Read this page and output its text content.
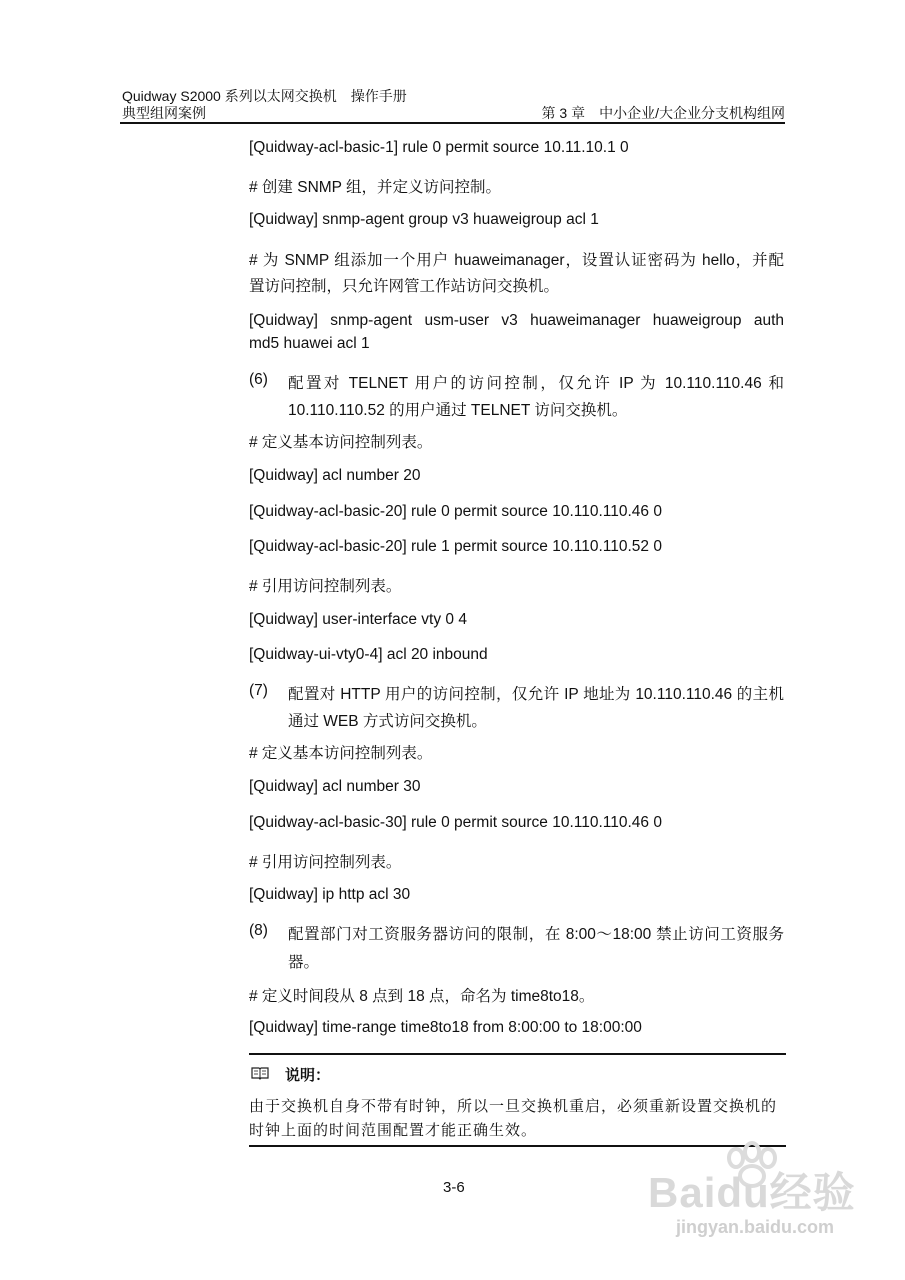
Quidway S2000 系列以太网交换机　操作手册
典型组网案例	第 3 章　中小企业/大企业分支机构组网
[Quidway-acl-basic-1] rule 0 permit source 10.11.10.1 0
# 创建 SNMP 组，并定义访问控制。
[Quidway] snmp-agent group v3 huaweigroup acl 1
# 为 SNMP 组添加一个用户 huaweimanager，设置认证密码为 hello，并配
置访问控制，只允许网管工作站访问交换机。
[Quidway] snmp-agent usm-user v3 huaweimanager huaweigroup auth
md5 huawei acl 1
(6) 配置对 TELNET 用户的访问控制，仅允许 IP 为 10.110.110.46 和
10.110.110.52 的用户通过 TELNET 访问交换机。
# 定义基本访问控制列表。
[Quidway] acl number 20
[Quidway-acl-basic-20] rule 0 permit source 10.110.110.46 0
[Quidway-acl-basic-20] rule 1 permit source 10.110.110.52 0
# 引用访问控制列表。
[Quidway] user-interface vty 0 4
[Quidway-ui-vty0-4] acl 20 inbound
(7) 配置对 HTTP 用户的访问控制，仅允许 IP 地址为 10.110.110.46 的主机
通过 WEB 方式访问交换机。
# 定义基本访问控制列表。
[Quidway] acl number 30
[Quidway-acl-basic-30] rule 0 permit source 10.110.110.46 0
# 引用访问控制列表。
[Quidway] ip http acl 30
(8) 配置部门对工资服务器访问的限制，在 8:00～18:00 禁止访问工资服务
器。
# 定义时间段从 8 点到 18 点，命名为 time8to18。
[Quidway] time-range time8to18 from 8:00:00 to 18:00:00
说明：
由于交换机自身不带有时钟，所以一旦交换机重启，必须重新设置交换机的
时钟上面的时间范围配置才能正确生效。
3-6	Baidu经验
jingyan.baidu.com
